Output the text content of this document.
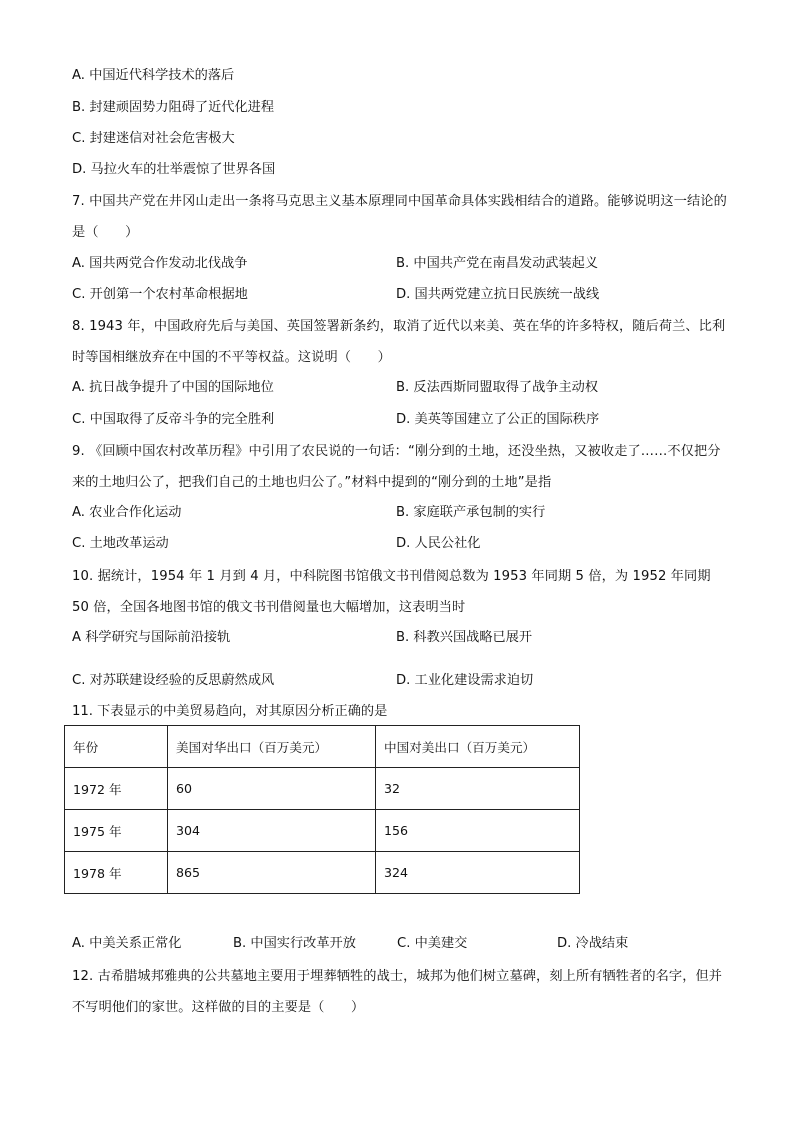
A. 中国近代科学技术的落后
B. 封建顽固势力阻碍了近代化进程
C. 封建迷信对社会危害极大
D. 马拉火车的壮举震惊了世界各国
7. 中国共产党在井冈山走出一条将马克思主义基本原理同中国革命具体实践相结合的道路。能够说明这一结论的是（　　）
A. 国共两党合作发动北伐战争	B. 中国共产党在南昌发动武装起义
C. 开创第一个农村革命根据地	D. 国共两党建立抗日民族统一战线
8. 1943 年，中国政府先后与美国、英国签署新条约，取消了近代以来美、英在华的许多特权，随后荷兰、比利时等国相继放弃在中国的不平等权益。这说明（　　）
A. 抗日战争提升了中国的国际地位	B. 反法西斯同盟取得了战争主动权
C. 中国取得了反帝斗争的完全胜利	D. 美英等国建立了公正的国际秩序
9. 《回顾中国农村改革历程》中引用了农民说的一句话：“刚分到的土地，还没坐热，又被收走了……不仅把分来的土地归公了，把我们自己的土地也归公了。”材料中提到的“刚分到的土地”是指
A. 农业合作化运动	B. 家庭联产承包制的实行
C. 土地改革运动	D. 人民公社化
10. 据统计，1954 年 1 月到 4 月，中科院图书馆俄文书刊借阅总数为 1953 年同期 5 倍，为 1952 年同期 50 倍，全国各地图书馆的俄文书刊借阅量也大幅增加，这表明当时
A 科学研究与国际前沿接轨	B. 科教兴国战略已展开
C. 对苏联建设经验的反思蔚然成风	D. 工业化建设需求迫切
11. 下表显示的中美贸易趋向，对其原因分析正确的是
年份	美国对华出口（百万美元）	中国对美出口（百万美元）
1972 年	60	32
1975 年	304	156
1978 年	865	324
A. 中美关系正常化	B. 中国实行改革开放	C. 中美建交	D. 冷战结束
12. 古希腊城邦雅典的公共墓地主要用于埋葬牺牲的战士，城邦为他们树立墓碑，刻上所有牺牲者的名字，但并不写明他们的家世。这样做的目的主要是（　　）
